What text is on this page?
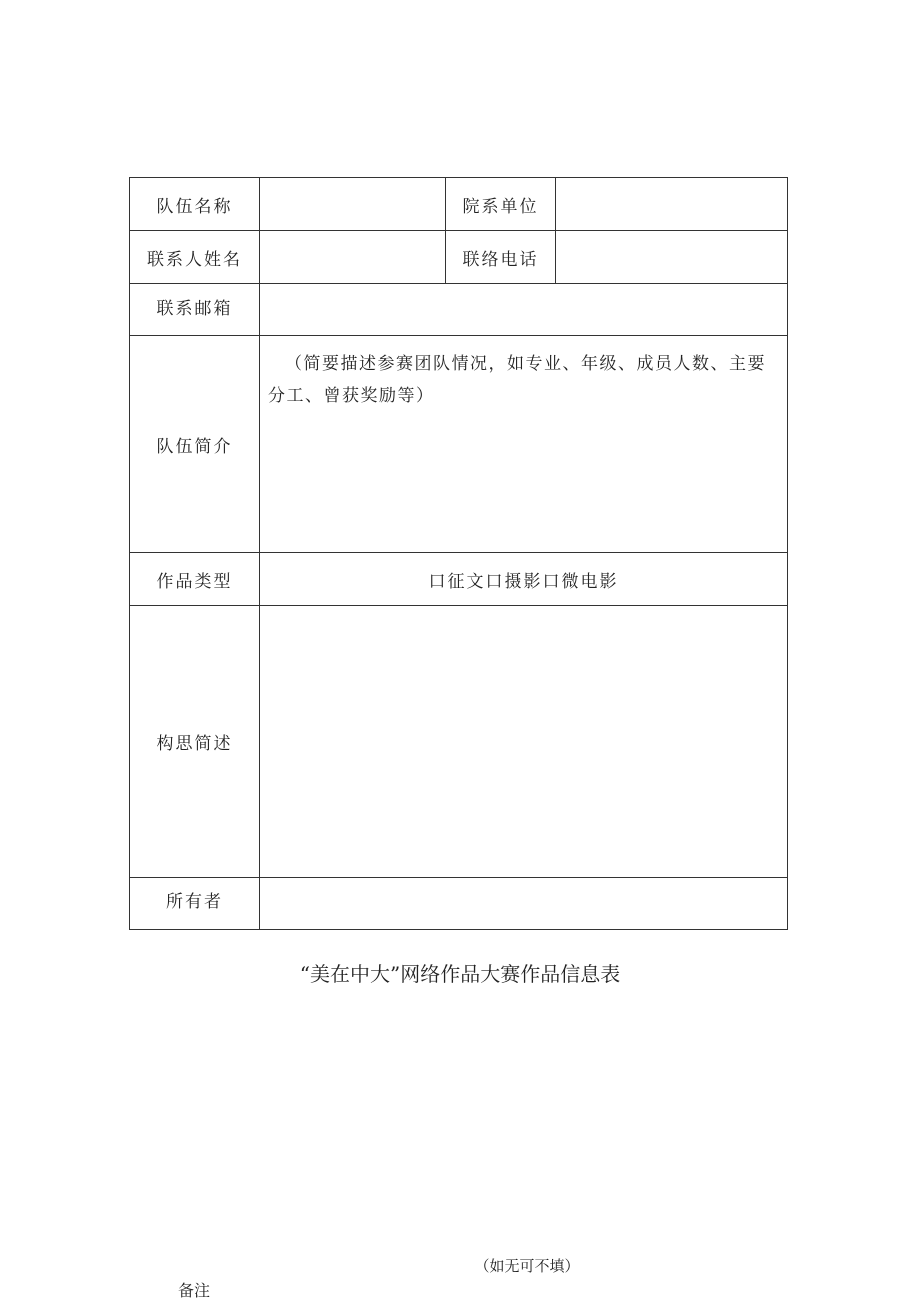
队伍名称		院系单位	
联系人姓名		联络电话	
联系邮箱			
队伍简介	（简要描述参赛团队情况，如专业、年级、成员人数、主要分工、曾获奖励等）		
作品类型	口征文口摄影口微电影		
构思简述			
所有者			
“美在中大”网络作品大赛作品信息表
备注
（如无可不填）
